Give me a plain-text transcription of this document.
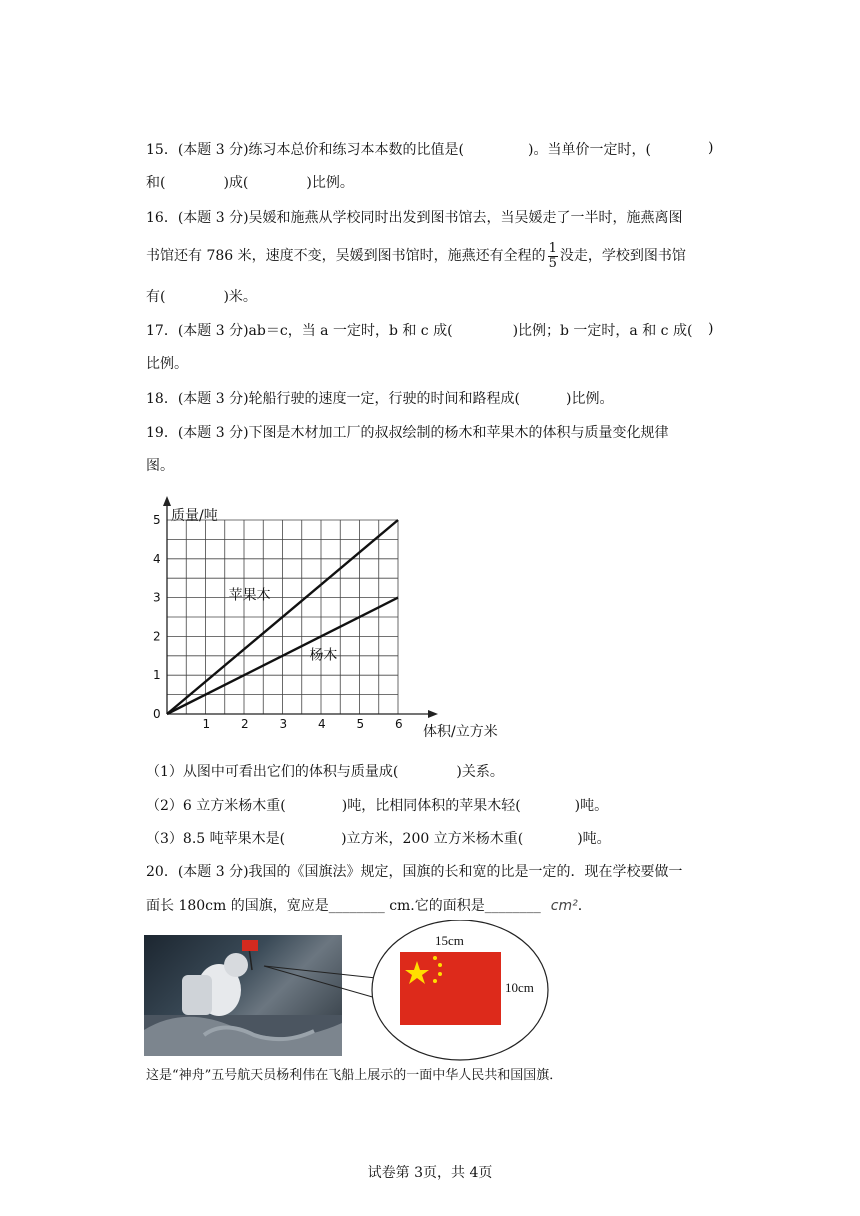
15．(本题 3 分)练习本总价和练习本本数的比值是(	)。当单价一定时，(	)
和(	)成(	)比例。
16．(本题 3 分)吴媛和施燕从学校同时出发到图书馆去，当吴媛走了一半时，施燕离图
书馆还有 786 米，速度不变，吴媛到图书馆时，施燕还有全程的 $\frac{1}{5}$ 没走，学校到图书馆
有(	)米。
17．(本题 3 分)ab＝c，当 a 一定时，b 和 c 成(	)比例；b 一定时，a 和 c 成( )
比例。
18．(本题 3 分)轮船行驶的速度一定，行驶的时间和路程成(	)比例。
19．(本题 3 分)下图是木材加工厂的叔叔绘制的杨木和苹果木的体积与质量变化规律
图。
0
1	2	3	4	5	6
1
2
3
4
5 质量/吨
体积/立方米
苹果木
杨木
（1）从图中可看出它们的体积与质量成(	)关系。
（2）6 立方米杨木重(	)吨，比相同体积的苹果木轻(	)吨。
（3）8.5 吨苹果木是(	)立方米，200 立方米杨木重(	)吨。
20．(本题 3 分)我国的《国旗法》规定，国旗的长和宽的比是一定的．现在学校要做一
面长 180cm 的国旗，宽应是________ cm.它的面积是________ cm².
15cm
10cm
这是“神舟”五号航天员杨利伟在飞船上展示的一面中华人民共和国国旗．
试卷第 3页，共 4页
